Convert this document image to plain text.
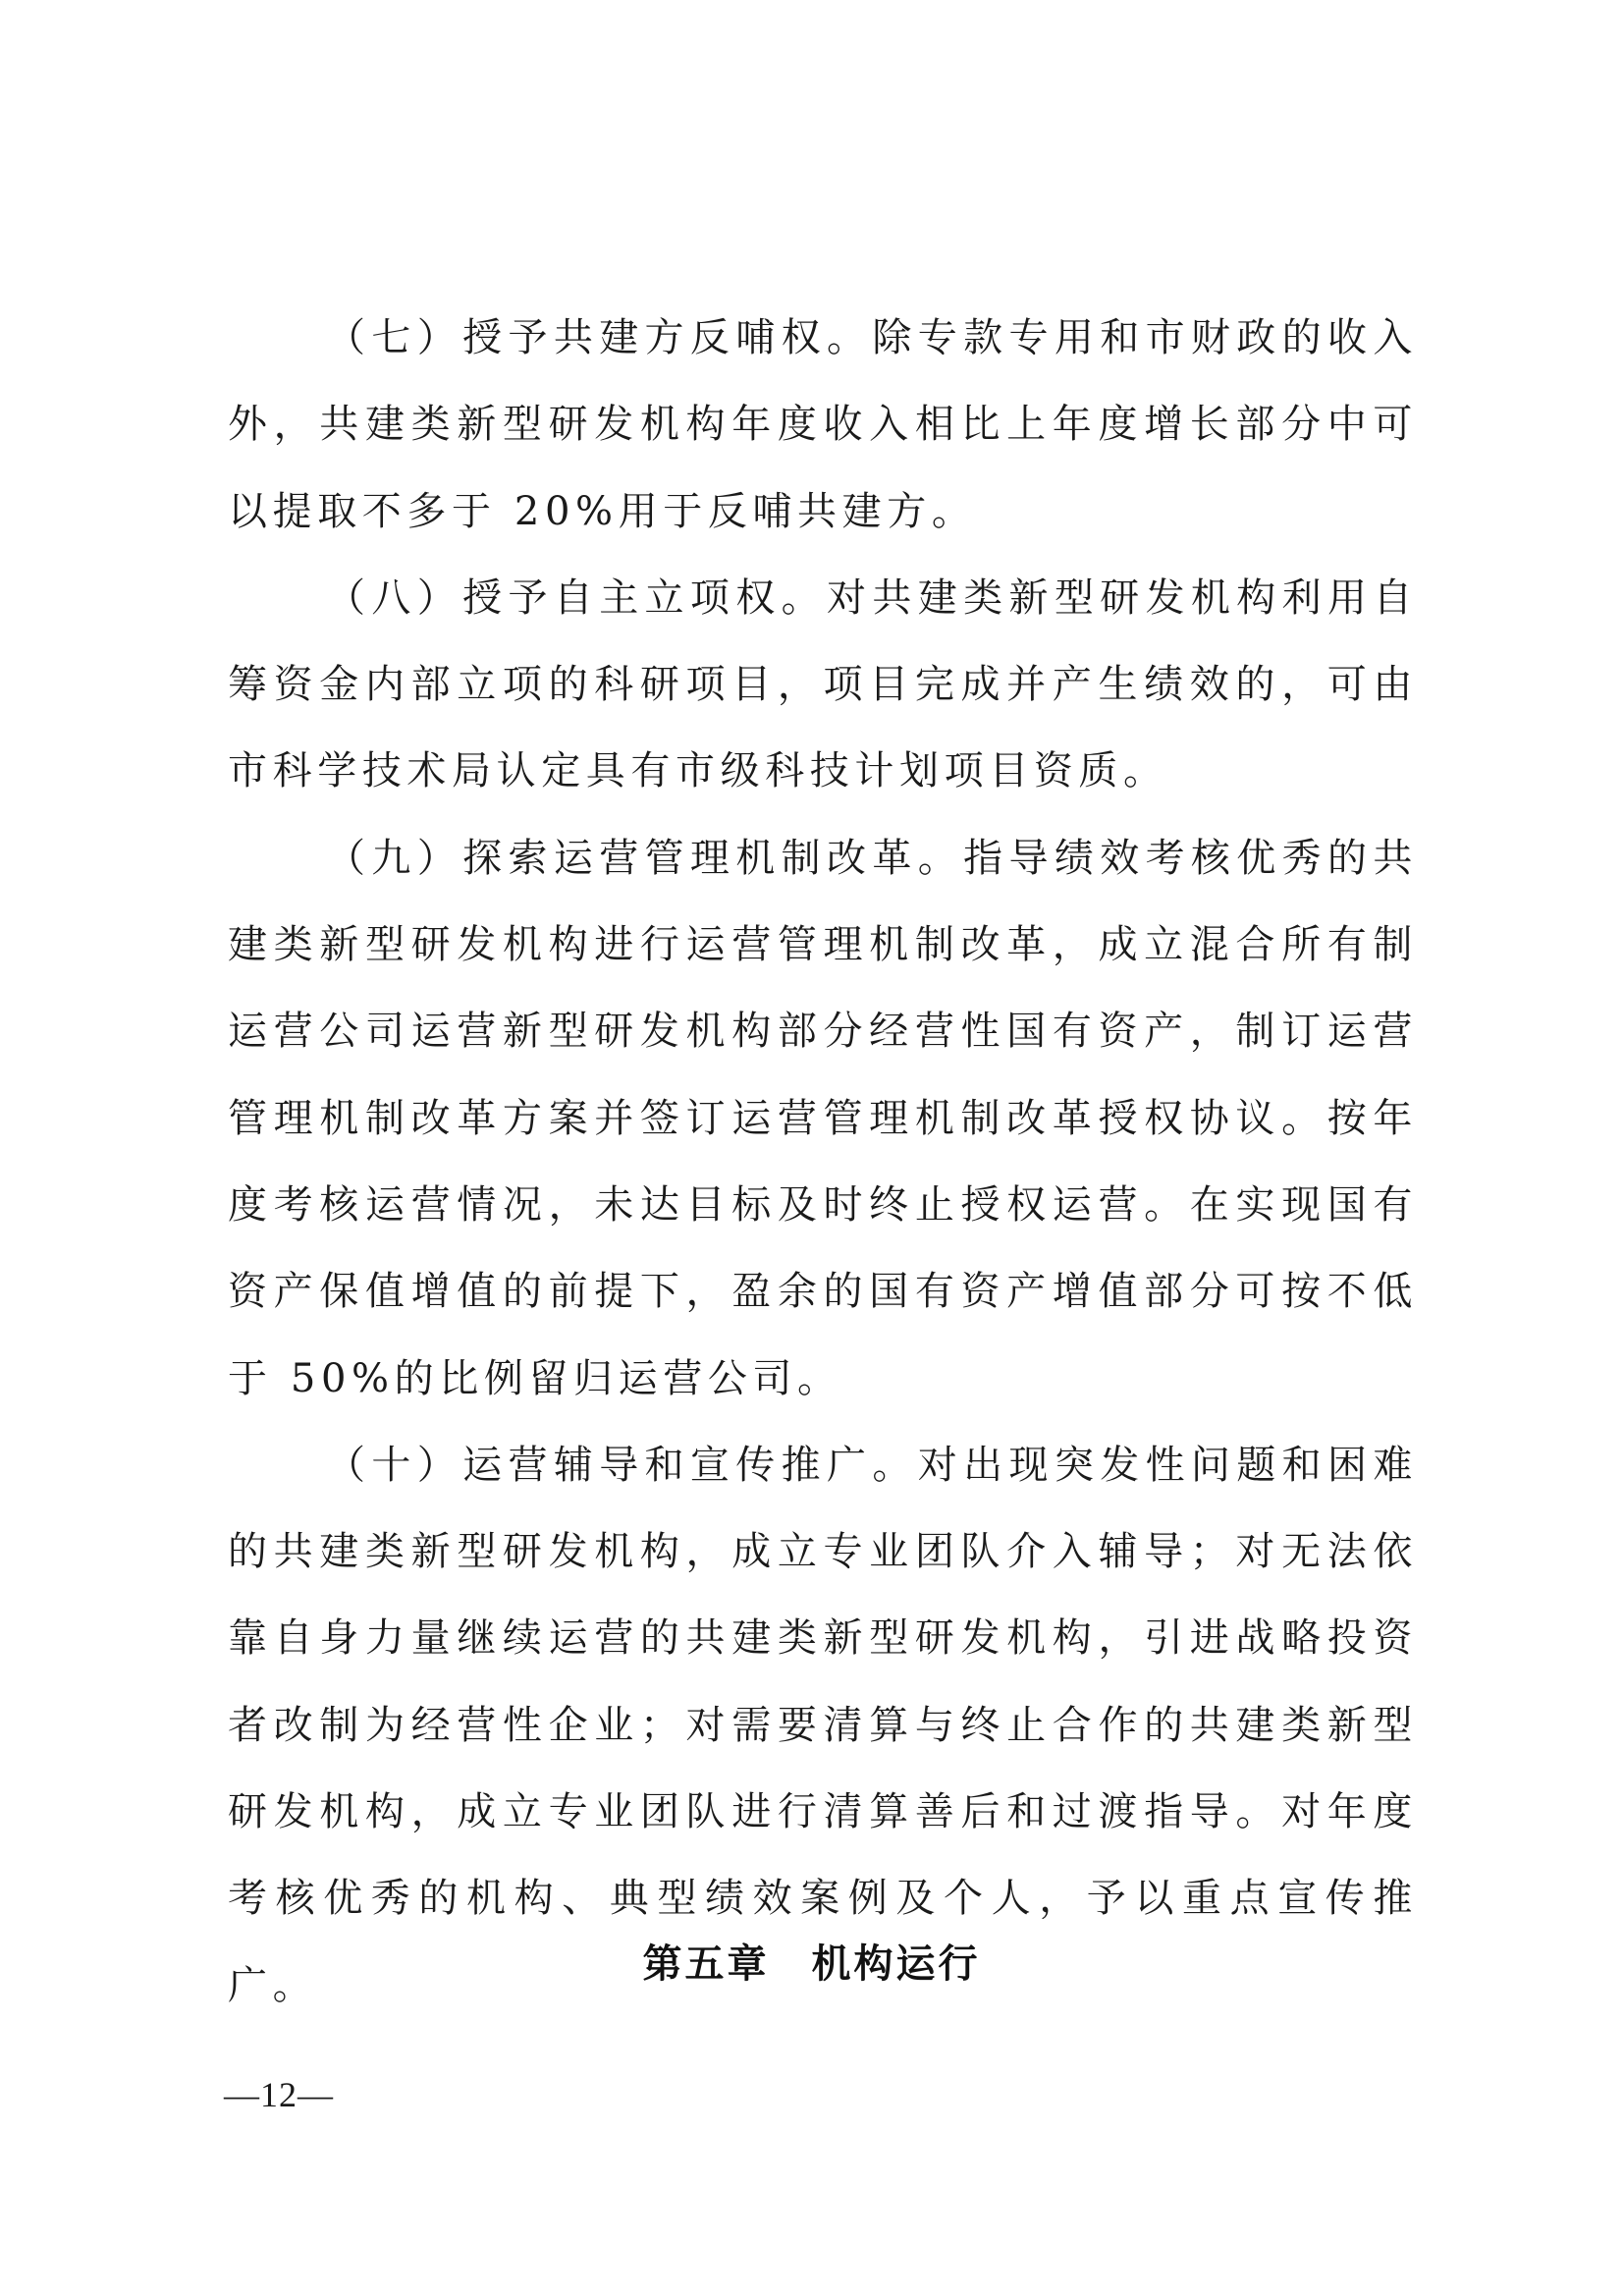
（七）授予共建方反哺权。除专款专用和市财政的收入外，共建类新型研发机构年度收入相比上年度增长部分中可以提取不多于 20%用于反哺共建方。

（八）授予自主立项权。对共建类新型研发机构利用自筹资金内部立项的科研项目，项目完成并产生绩效的，可由市科学技术局认定具有市级科技计划项目资质。

（九）探索运营管理机制改革。指导绩效考核优秀的共建类新型研发机构进行运营管理机制改革，成立混合所有制运营公司运营新型研发机构部分经营性国有资产，制订运营管理机制改革方案并签订运营管理机制改革授权协议。按年度考核运营情况，未达目标及时终止授权运营。在实现国有资产保值增值的前提下，盈余的国有资产增值部分可按不低于 50%的比例留归运营公司。

（十）运营辅导和宣传推广。对出现突发性问题和困难的共建类新型研发机构，成立专业团队介入辅导；对无法依靠自身力量继续运营的共建类新型研发机构，引进战略投资者改制为经营性企业；对需要清算与终止合作的共建类新型研发机构，成立专业团队进行清算善后和过渡指导。对年度考核优秀的机构、典型绩效案例及个人，予以重点宣传推广。	第五章　机构运行
—12—
